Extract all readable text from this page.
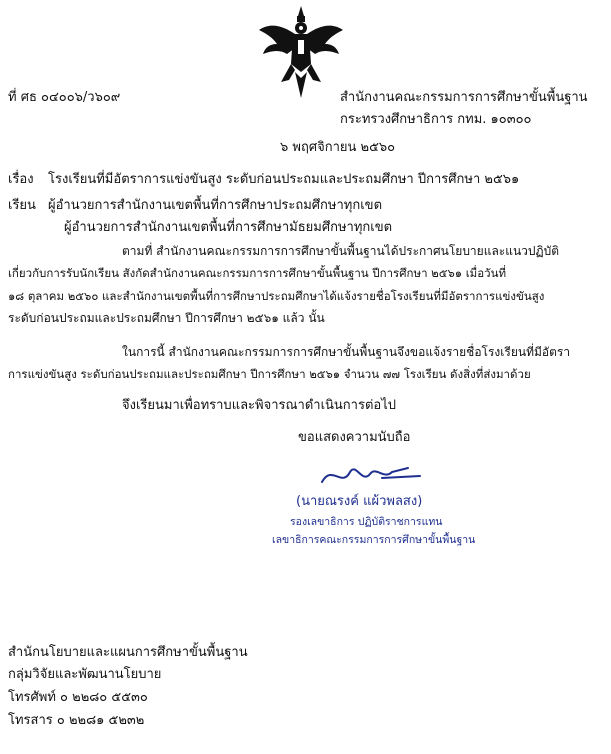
ที่ ศธ ๐๔๐๐๖/ว๖๐๙	สำนักงานคณะกรรมการการศึกษาขั้นพื้นฐาน
กระทรวงศึกษาธิการ กทม. ๑๐๓๐๐
๖ พฤศจิกายน ๒๕๖๐
เรื่อง โรงเรียนที่มีอัตราการแข่งขันสูง ระดับก่อนประถมและประถมศึกษา ปีการศึกษา ๒๕๖๑
เรียน ผู้อำนวยการสำนักงานเขตพื้นที่การศึกษาประถมศึกษาทุกเขต
ผู้อำนวยการสำนักงานเขตพื้นที่การศึกษามัธยมศึกษาทุกเขต
ตามที่ สำนักงานคณะกรรมการการศึกษาขั้นพื้นฐานได้ประกาศนโยบายและแนวปฏิบัติ
เกี่ยวกับการรับนักเรียน สังกัดสำนักงานคณะกรรมการการศึกษาขั้นพื้นฐาน ปีการศึกษา ๒๕๖๑ เมื่อวันที่
๑๘ ตุลาคม ๒๕๖๐ และสำนักงานเขตพื้นที่การศึกษาประถมศึกษาได้แจ้งรายชื่อโรงเรียนที่มีอัตราการแข่งขันสูง
ระดับก่อนประถมและประถมศึกษา ปีการศึกษา ๒๕๖๑ แล้ว นั้น
ในการนี้ สำนักงานคณะกรรมการการศึกษาขั้นพื้นฐานจึงขอแจ้งรายชื่อโรงเรียนที่มีอัตรา
การแข่งขันสูง ระดับก่อนประถมและประถมศึกษา ปีการศึกษา ๒๕๖๑ จำนวน ๗๗ โรงเรียน ดังสิ่งที่ส่งมาด้วย
จึงเรียนมาเพื่อทราบและพิจารณาดำเนินการต่อไป
ขอแสดงความนับถือ
(นายณรงค์ แผ้วพลสง)
รองเลขาธิการ ปฏิบัติราชการแทน
เลขาธิการคณะกรรมการการศึกษาขั้นพื้นฐาน
สำนักนโยบายและแผนการศึกษาขั้นพื้นฐาน
กลุ่มวิจัยและพัฒนานโยบาย
โทรศัพท์ ๐ ๒๒๘๐ ๕๕๓๐
โทรสาร ๐ ๒๒๘๑ ๕๒๓๒
